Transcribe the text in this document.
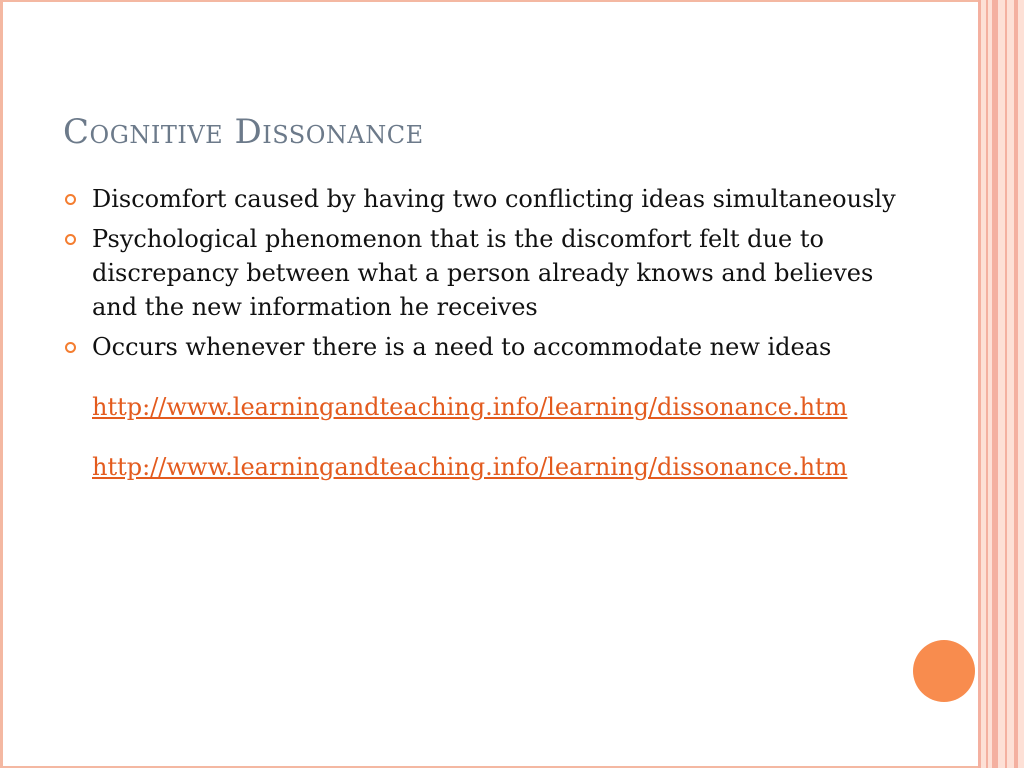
Cognitive Dissonance
Discomfort caused by having two conflicting ideas simultaneously
Psychological phenomenon that is the discomfort felt due to discrepancy between what a person already knows and believes and the new information he receives
Occurs whenever there is a need to accommodate new ideas

http://www.learningandteaching.info/learning/dissonance.htm

http://www.learningandteaching.info/learning/dissonance.htm
